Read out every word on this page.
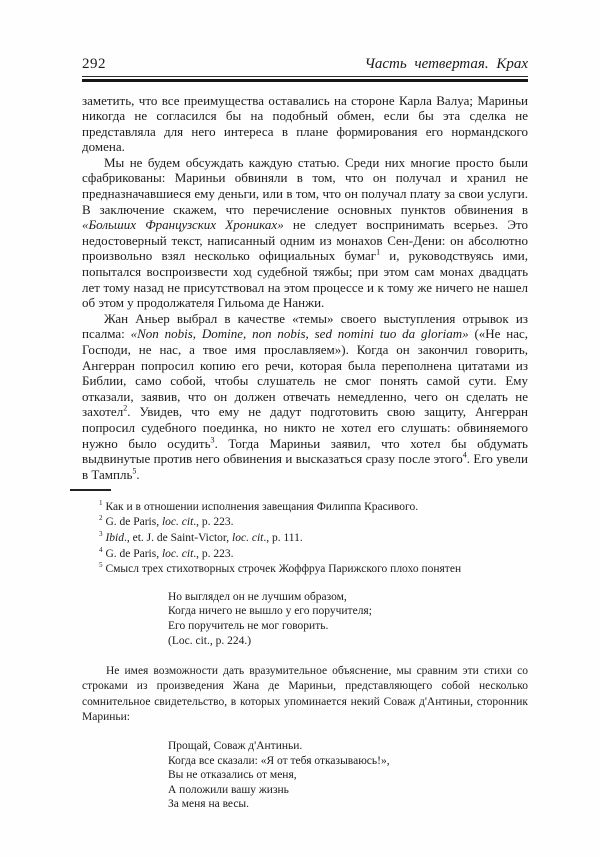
292	Часть четвертая. Крах

заметить, что все преимущества оставались на стороне Карла Валуа; Мариньи никогда не согласился бы на подобный обмен, если бы эта сделка не представляла для него интереса в плане формирования его нормандского домена.

Мы не будем обсуждать каждую статью. Среди них многие просто были сфабрикованы: Мариньи обвиняли в том, что он получал и хранил не предназначавшиеся ему деньги, или в том, что он получал плату за свои услуги. В заключение скажем, что перечисление основных пунктов обвинения в «Больших Французских Хрониках» не следует воспринимать всерьез. Это недостоверный текст, написанный одним из монахов Сен-Дени: он абсолютно произвольно взял несколько официальных бумаг$^1$ и, руководствуясь ими, попытался воспроизвести ход судебной тяжбы; при этом сам монах двадцать лет тому назад не присутствовал на этом процессе и к тому же ничего не нашел об этом у продолжателя Гильома де Нанжи.

Жан Аньер выбрал в качестве «темы» своего выступления отрывок из псалма: «Non nobis, Domine, non nobis, sed nomini tuo da gloriam» («Не нас, Господи, не нас, а твое имя прославляем»). Когда он закончил говорить, Ангерран попросил копию его речи, которая была переполнена цитатами из Библии, само собой, чтобы слушатель не смог понять самой сути. Ему отказали, заявив, что он должен отвечать немедленно, чего он сделать не захотел$^2$. Увидев, что ему не дадут подготовить свою защиту, Ангерран попросил судебного поединка, но никто не хотел его слушать: обвиняемого нужно было осудить$^3$. Тогда Мариньи заявил, что хотел бы обдумать выдвинутые против него обвинения и высказаться сразу после этого$^4$. Его увели в Тампль$^5$.

$^1$ Как и в отношении исполнения завещания Филиппа Красивого.

$^2$ G. de Paris, loc. cit., p. 223.

$^3$ Ibid., et. J. de Saint-Victor, loc. cit., p. 111.

$^4$ G. de Paris, loc. cit., p. 223.

$^5$ Смысл трех стихотворных строчек Жоффруа Парижского плохо понятен

Но выглядел он не лучшим образом,
Когда ничего не вышло у его поручителя;
Его поручитель не мог говорить.
(Loc. cit., p. 224.)

Не имея возможности дать вразумительное объяснение, мы сравним эти стихи со строками из произведения Жана де Мариньи, представляющего собой несколько сомнительное свидетельство, в которых упоминается некий Соваж д'Антиньи, сторонник Мариньи:

Прощай, Соваж д'Антиньи.
Когда все сказали: «Я от тебя отказываюсь!»,
Вы не отказались от меня,
А положили вашу жизнь
За меня на весы.
